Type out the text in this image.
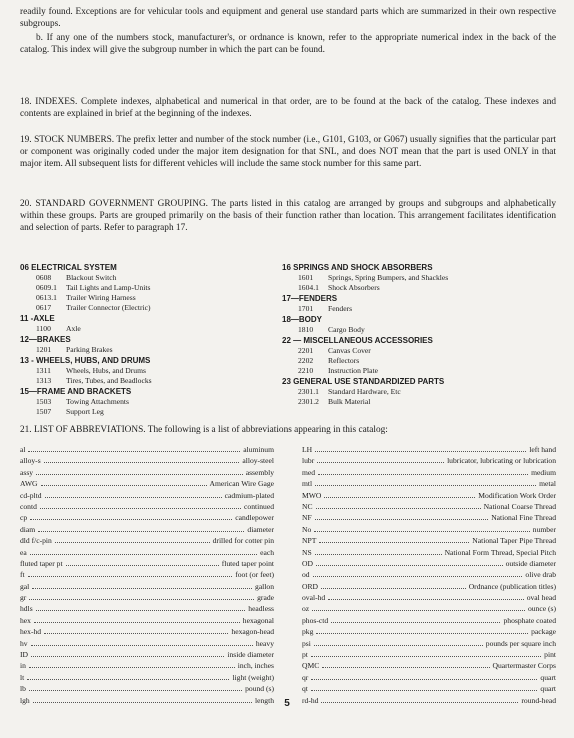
readily found. Exceptions are for vehicular tools and equipment and general use standard parts which are summarized in their own respective subgroups.

b. If any one of the numbers stock, manufacturer's, or ordnance is known, refer to the appropriate numerical index in the back of the catalog. This index will give the subgroup number in which the part can be found.

18. INDEXES. Complete indexes, alphabetical and numerical in that order, are to be found at the back of the catalog. These indexes and contents are explained in brief at the beginning of the indexes.

19. STOCK NUMBERS. The prefix letter and number of the stock number (i.e., G101, G103, or G067) usually signifies that the particular part or component was originally coded under the major item designation for that SNL, and does NOT mean that the part is used ONLY in that major item. All subsequent lists for different vehicles will include the same stock number for this same part.

20. STANDARD GOVERNMENT GROUPING. The parts listed in this catalog are arranged by groups and subgroups and alphabetically within these groups. Parts are grouped primarily on the basis of their function rather than location. This arrangement facilitates identification and selection of parts. Refer to paragraph 17.

06 ELECTRICAL SYSTEM
0608 Blackout Switch
0609.1 Tail Lights and Lamp-Units
0613.1 Trailer Wiring Harness
0617 Trailer Connector (Electric)
11 -AXLE
1100 Axle
12—BRAKES
1201 Parking Brakes
13 - WHEELS, HUBS, AND DRUMS
1311 Wheels, Hubs, and Drums
1313 Tires, Tubes, and Beadlocks
15—FRAME AND BRACKETS
1503 Towing Attachments
1507 Support Leg
16 SPRINGS AND SHOCK ABSORBERS
1601 Springs, Spring Bumpers, and Shackles
1604.1 Shock Absorbers
17—FENDERS
1701 Fenders
18—BODY
1810 Cargo Body
22 — MISCELLANEOUS ACCESSORIES
2201 Canvas Cover
2202 Reflectors
2210 Instruction Plate
23 GENERAL USE STANDARDIZED PARTS
2301.1 Standard Hardware, Etc
2301.2 Bulk Material

21. LIST OF ABBREVIATIONS. The following is a list of abbreviations appearing in this catalog:

al	aluminum
alloy-s	alloy-steel
assy	assembly
AWG	American Wire Gage
cd-pltd	cadmium-plated
contd	continued
cp	candlepower
diam	diameter
dld f/c-pin	drilled for cotter pin
ea	each
fluted taper pt	fluted taper point
ft	foot (or feet)
gal	gallon
gr	grade
hdls	headless
hex	hexagonal
hex-hd	hexagon-head
hv	heavy
ID	inside diameter
in	inch, inches
lt	light (weight)
lb	pound (s)
lgh	length
LH	left hand
lubr	lubricator, lubricating or lubrication
med	medium
mtl	metal
MWO	Modification Work Order
NC	National Coarse Thread
NF	National Fine Thread
No	number
NPT	National Taper Pipe Thread
NS	National Form Thread, Special Pitch
OD	outside diameter
od	olive drab
ORD	Ordnance (publication titles)
oval-hd	oval head
oz	ounce (s)
phos-ctd	phosphate coated
pkg	package
psi	pounds per square inch
pt	pint
QMC	Quartermaster Corps
qr	quart
qt	quart
rd-hd	round-head
5
